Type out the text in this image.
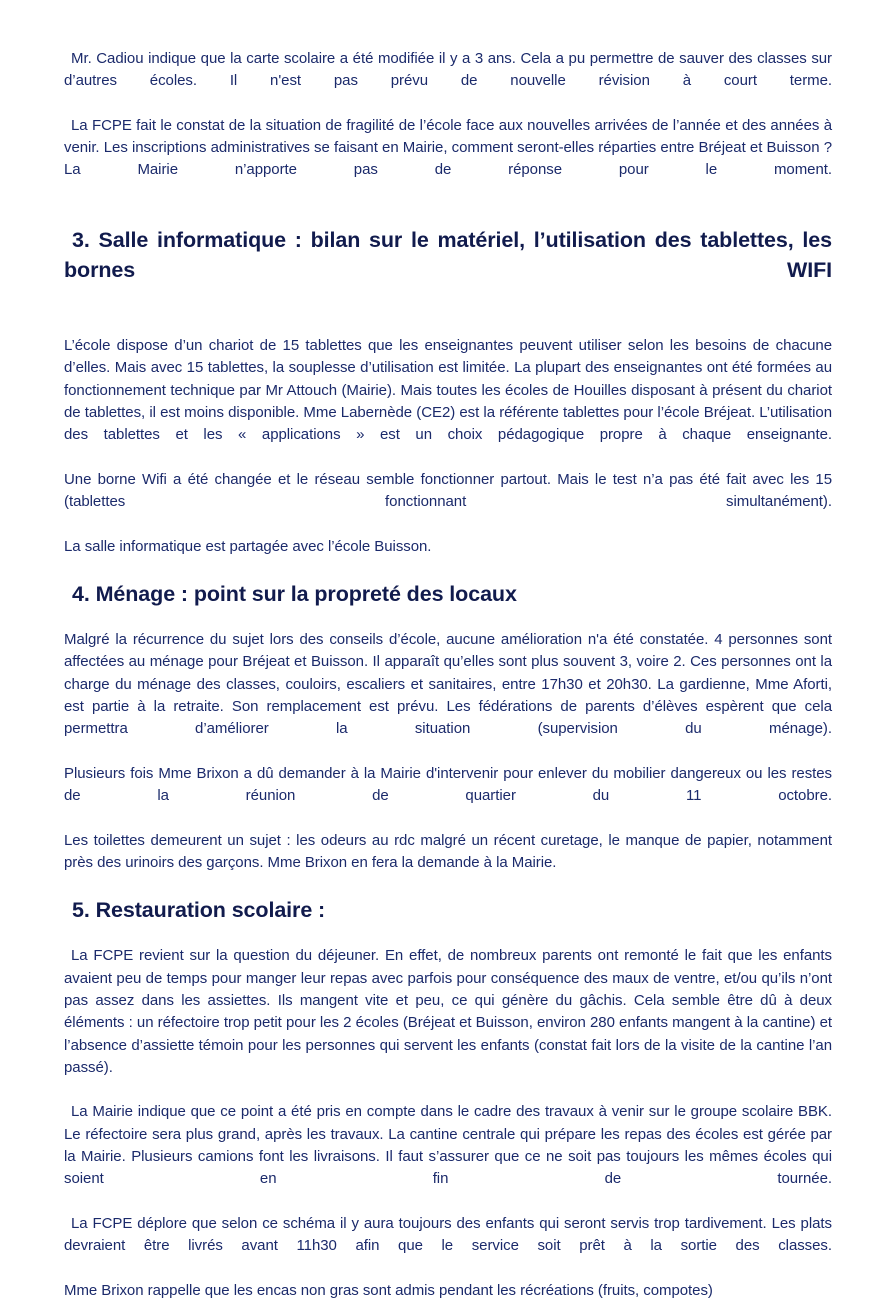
Mr. Cadiou indique que la carte scolaire a été modifiée il y a 3 ans. Cela a pu permettre de sauver des classes sur d’autres écoles. Il n'est pas prévu de nouvelle révision à court terme.

La FCPE fait le constat de la situation de fragilité de l’école face aux nouvelles arrivées de l’année et des années à venir. Les inscriptions administratives se faisant en Mairie, comment seront-elles réparties entre Bréjeat et Buisson ? La Mairie n’apporte pas de réponse pour le moment.

3. Salle informatique : bilan sur le matériel, l’utilisation des tablettes, les bornes WIFI

L’école dispose d’un chariot de 15 tablettes que les enseignantes peuvent utiliser selon les besoins de chacune d’elles. Mais avec 15 tablettes, la souplesse d’utilisation est limitée. La plupart des enseignantes ont été formées au fonctionnement technique par Mr Attouch (Mairie). Mais toutes les écoles de Houilles disposant à présent du chariot de tablettes, il est moins disponible. Mme Labernède (CE2) est la référente tablettes pour l’école Bréjeat. L’utilisation des tablettes et les « applications » est un choix pédagogique propre à chaque enseignante.

Une borne Wifi a été changée et le réseau semble fonctionner partout. Mais le test n’a pas été fait avec les 15 (tablettes fonctionnant simultanément).

La salle informatique est partagée avec l’école Buisson.

4. Ménage : point sur la propreté des locaux

Malgré la récurrence du sujet lors des conseils d’école, aucune amélioration n'a été constatée. 4 personnes sont affectées au ménage pour Bréjeat et Buisson. Il apparaît qu’elles sont plus souvent 3, voire 2. Ces personnes ont la charge du ménage des classes, couloirs, escaliers et sanitaires, entre 17h30 et 20h30. La gardienne, Mme Aforti, est partie à la retraite. Son remplacement est prévu. Les fédérations de parents d’élèves espèrent que cela permettra d’améliorer la situation (supervision du ménage).

Plusieurs fois Mme Brixon a dû demander à la Mairie d'intervenir pour enlever du mobilier dangereux ou les restes de la réunion de quartier du 11 octobre.

Les toilettes demeurent un sujet : les odeurs au rdc malgré un récent curetage, le manque de papier, notamment près des urinoirs des garçons. Mme Brixon en fera la demande à la Mairie.

5. Restauration scolaire :

La FCPE revient sur la question du déjeuner. En effet, de nombreux parents ont remonté le fait que les enfants avaient peu de temps pour manger leur repas avec parfois pour conséquence des maux de ventre, et/ou qu’ils n’ont pas assez dans les assiettes. Ils mangent vite et peu, ce qui génère du gâchis. Cela semble être dû à deux éléments : un réfectoire trop petit pour les 2 écoles (Bréjeat et Buisson, environ 280 enfants mangent à la cantine) et l’absence d’assiette témoin pour les personnes qui servent les enfants (constat fait lors de la visite de la cantine l’an passé).

La Mairie indique que ce point a été pris en compte dans le cadre des travaux à venir sur le groupe scolaire BBK. Le réfectoire sera plus grand, après les travaux. La cantine centrale qui prépare les repas des écoles est gérée par la Mairie. Plusieurs camions font les livraisons. Il faut s’assurer que ce ne soit pas toujours les mêmes écoles qui soient en fin de tournée.

La FCPE déplore que selon ce schéma il y aura toujours des enfants qui seront servis trop tardivement. Les plats devraient être livrés avant 11h30 afin que le service soit prêt à la sortie des classes.

Mme Brixon rappelle que les encas non gras sont admis pendant les récréations (fruits, compotes)
